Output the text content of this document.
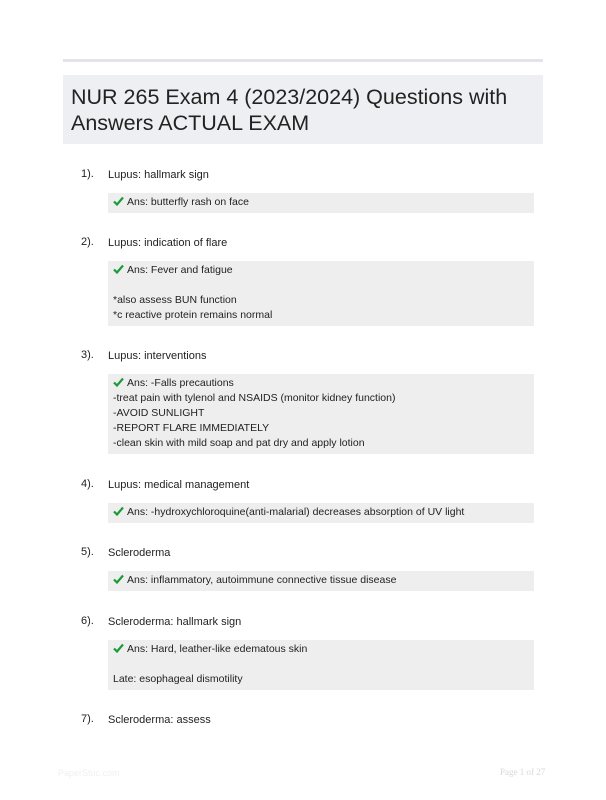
NUR 265 Exam 4 (2023/2024) Questions with Answers ACTUAL EXAM
1). Lupus: hallmark sign
Ans: butterfly rash on face
2). Lupus: indication of flare
Ans: Fever and fatigue
*also assess BUN function
*c reactive protein remains normal
3). Lupus: interventions
Ans: -Falls precautions
-treat pain with tylenol and NSAIDS (monitor kidney function)
-AVOID SUNLIGHT
-REPORT FLARE IMMEDIATELY
-clean skin with mild soap and pat dry and apply lotion
4). Lupus: medical management
Ans: -hydroxychloroquine(anti-malarial) decreases absorption of UV light
5). Scleroderma
Ans: inflammatory, autoimmune connective tissue disease
6). Scleroderma: hallmark sign
Ans: Hard, leather-like edematous skin
Late: esophageal dismotility
7). Scleroderma: assess
PaperStuc.com	Page 1 of 27
